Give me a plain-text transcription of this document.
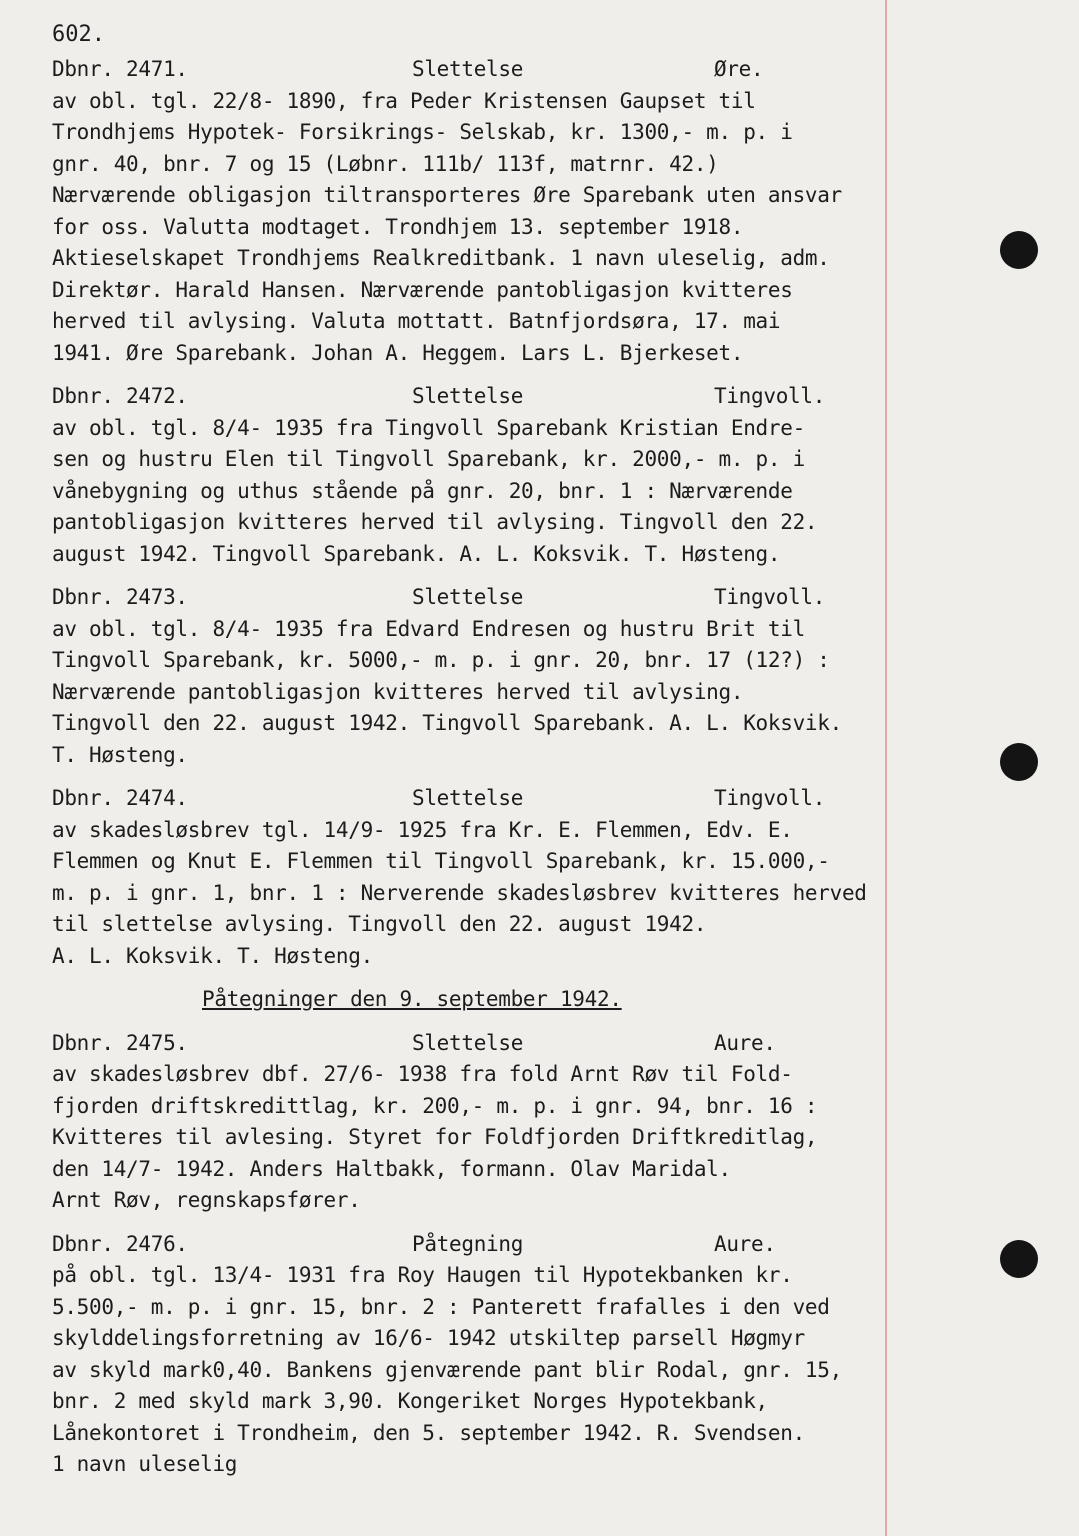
602.
Dbnr. 2471.	Slettelse	Øre.
av obl. tgl. 22/8- 1890, fra Peder Kristensen Gaupset til
Trondhjems Hypotek- Forsikrings- Selskab, kr. 1300,- m. p. i
gnr. 40, bnr. 7 og 15 (Løbnr. 111b/ 113f, matrnr. 42.)
Nærværende obligasjon tiltransporteres Øre Sparebank uten ansvar
for oss. Valutta modtaget. Trondhjem 13. september 1918.
Aktieselskapet Trondhjems Realkreditbank. 1 navn uleselig, adm.
Direktør. Harald Hansen. Nærværende pantobligasjon kvitteres
herved til avlysing. Valuta mottatt. Batnfjordsøra, 17. mai
1941. Øre Sparebank. Johan A. Heggem. Lars L. Bjerkeset.
Dbnr. 2472.	Slettelse	Tingvoll.
av obl. tgl. 8/4- 1935 fra Tingvoll Sparebank Kristian Endre-
sen og hustru Elen til Tingvoll Sparebank, kr. 2000,- m. p. i
vånebygning og uthus stående på gnr. 20, bnr. 1 : Nærværende
pantobligasjon kvitteres herved til avlysing. Tingvoll den 22.
august 1942. Tingvoll Sparebank. A. L. Koksvik. T. Høsteng.
Dbnr. 2473.	Slettelse	Tingvoll.
av obl. tgl. 8/4- 1935 fra Edvard Endresen og hustru Brit til
Tingvoll Sparebank, kr. 5000,- m. p. i gnr. 20, bnr. 17 (12?) :
Nærværende pantobligasjon kvitteres herved til avlysing.
Tingvoll den 22. august 1942. Tingvoll Sparebank. A. L. Koksvik.
T. Høsteng.
Dbnr. 2474.	Slettelse	Tingvoll.
av skadesløsbrev tgl. 14/9- 1925 fra Kr. E. Flemmen, Edv. E.
Flemmen og Knut E. Flemmen til Tingvoll Sparebank, kr. 15.000,-
m. p. i gnr. 1, bnr. 1 : Nerverende skadesløsbrev kvitteres herved
til slettelse avlysing. Tingvoll den 22. august 1942.
A. L. Koksvik. T. Høsteng.
Påtegninger den 9. september 1942.
Dbnr. 2475.	Slettelse	Aure.
av skadesløsbrev dbf. 27/6- 1938 fra fold Arnt Røv til Fold-
fjorden driftskredittlag, kr. 200,- m. p. i gnr. 94, bnr. 16 :
Kvitteres til avlesing. Styret for Foldfjorden Driftkreditlag,
den 14/7- 1942. Anders Haltbakk, formann. Olav Maridal.
Arnt Røv, regnskapsfører.
Dbnr. 2476.	Påtegning	Aure.
på obl. tgl. 13/4- 1931 fra Roy Haugen til Hypotekbanken kr.
5.500,- m. p. i gnr. 15, bnr. 2 : Panterett frafalles i den ved
skylddelingsforretning av 16/6- 1942 utskiltep parsell Høgmyr
av skyld mark0,40. Bankens gjenværende pant blir Rodal, gnr. 15,
bnr. 2 med skyld mark 3,90. Kongeriket Norges Hypotekbank,
Lånekontoret i Trondheim, den 5. september 1942. R. Svendsen.
1 navn uleselig
